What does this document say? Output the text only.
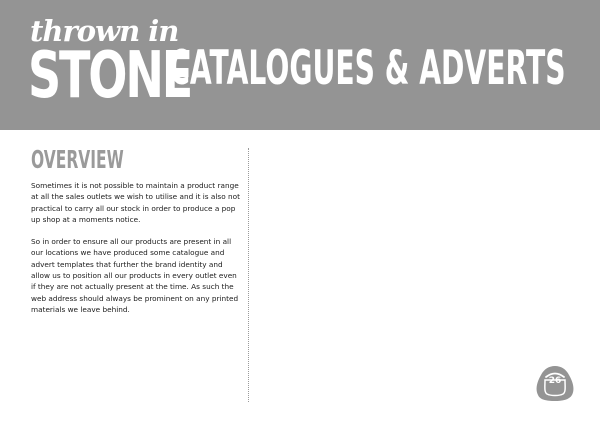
thrown in
STONE
CATALOGUES & ADVERTS
OVERVIEW

Sometimes it is not possible to maintain a product range at all the sales outlets we wish to utilise and it is also not practical to carry all our stock in order to produce a pop up shop at a moments notice.

So in order to ensure all our products are present in all our locations we have produced some catalogue and advert templates that further the brand identity and allow us to position all our products in every outlet even if they are not actually present at the time. As such the web address should always be prominent on any printed materials we leave behind.

26
